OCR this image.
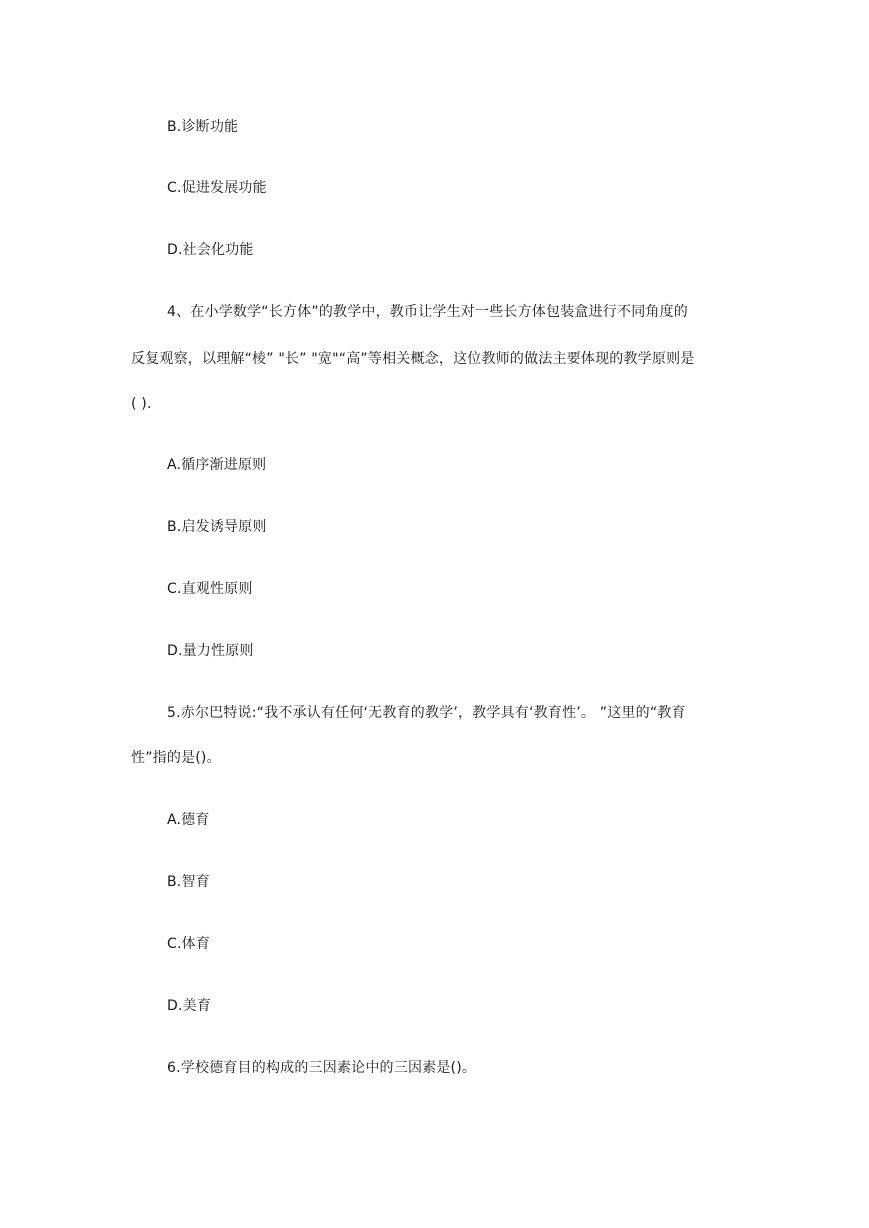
B.诊断功能
C.促进发展功能
D.社会化功能
4、在小学数学“长方体”的教学中，教币让学生对一些长方体包装盒进行不同角度的
反复观察，以理解“棱” "长” "宽"“高”等相关概念，这位教师的做法主要体现的教学原则是
( ).
A.循序渐进原则
B.启发诱导原则
C.直观性原则
D.量力性原则
5.赤尔巴特说:“我不承认有任何‘无教育的教学’，教学具有‘教育性’。 ”这里的“教育
性”指的是()。
A.德育
B.智育
C.体育
D.美育
6.学校德育目的构成的三因素论中的三因素是()。
